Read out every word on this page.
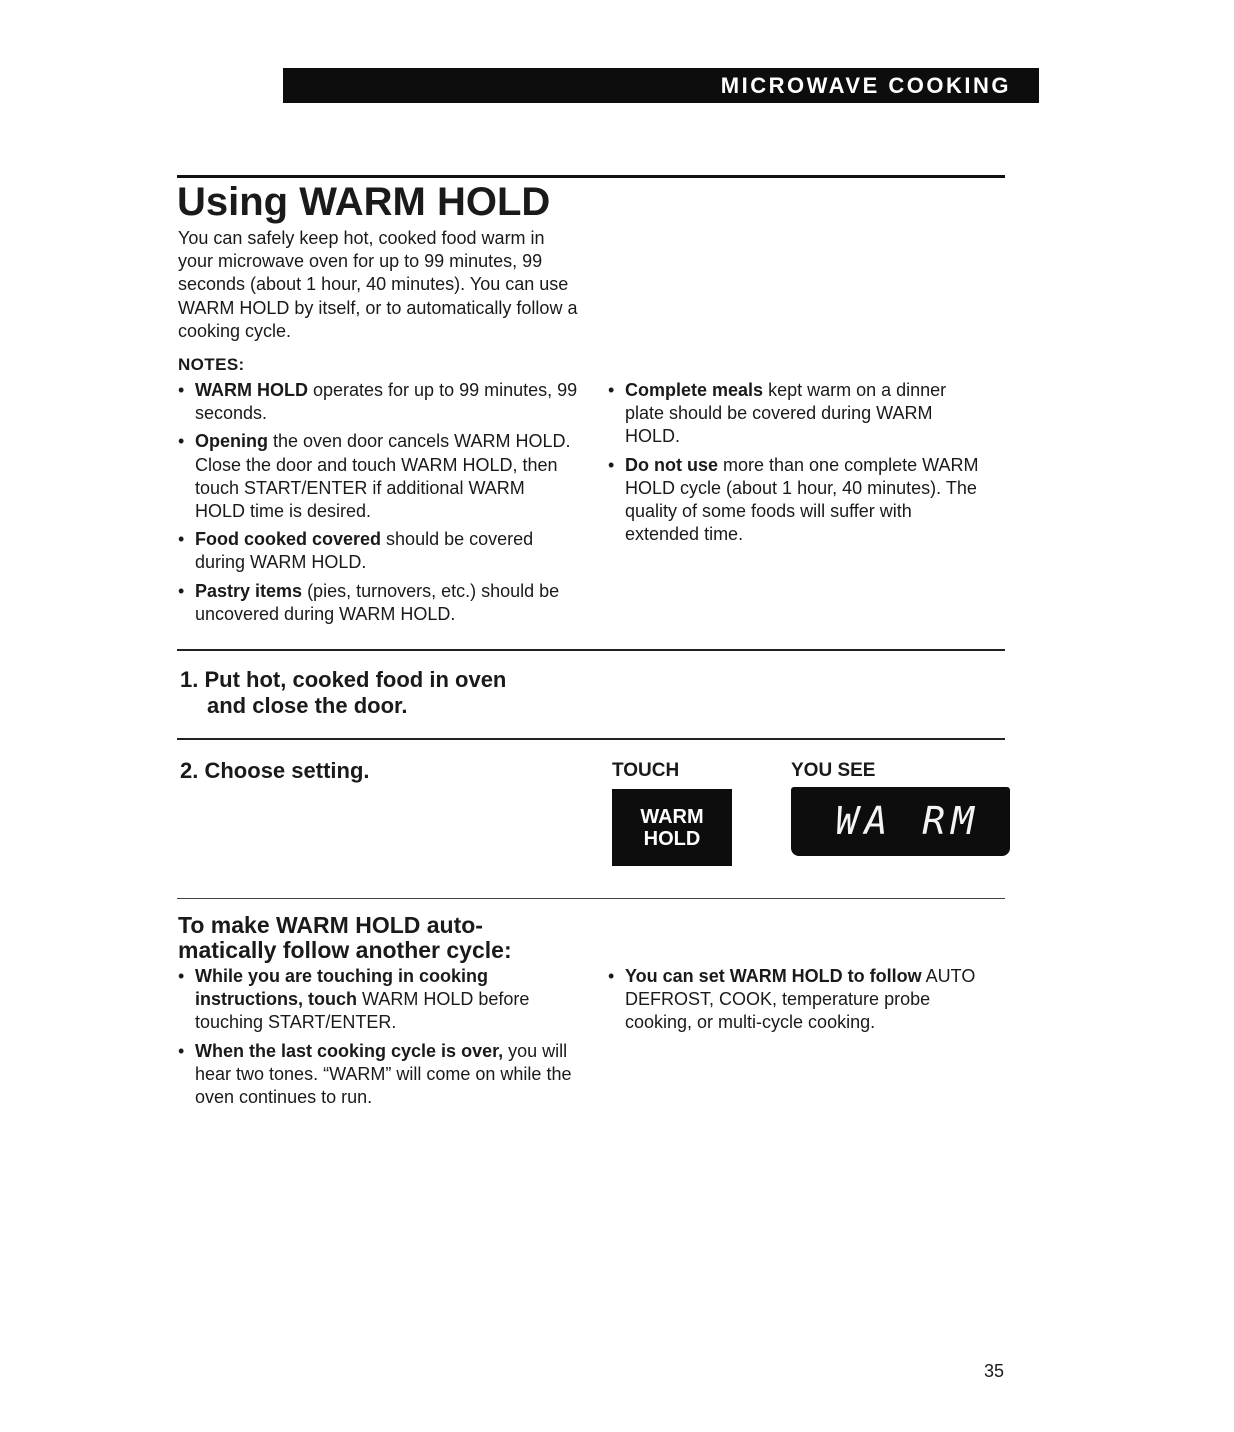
MICROWAVE COOKING
Using WARM HOLD
You can safely keep hot, cooked food warm in your microwave oven for up to 99 minutes, 99 seconds (about 1 hour, 40 minutes). You can use WARM HOLD by itself, or to automatically follow a cooking cycle.
NOTES:
• WARM HOLD operates for up to 99 minutes, 99 seconds.
• Opening the oven door cancels WARM HOLD. Close the door and touch WARM HOLD, then touch START/ENTER if additional WARM HOLD time is desired.
• Food cooked covered should be covered during WARM HOLD.
• Pastry items (pies, turnovers, etc.) should be uncovered during WARM HOLD.
• Complete meals kept warm on a dinner plate should be covered during WARM HOLD.
• Do not use more than one complete WARM HOLD cycle (about 1 hour, 40 minutes). The quality of some foods will suffer with extended time.
1. Put hot, cooked food in oven
and close the door.
2. Choose setting.	TOUCH	YOU SEE
WARM
HOLD	WA RM
To make WARM HOLD auto-
matically follow another cycle:
• While you are touching in cooking instructions, touch WARM HOLD before touching START/ENTER.
• When the last cooking cycle is over, you will hear two tones. “WARM” will come on while the oven continues to run.
• You can set WARM HOLD to follow AUTO DEFROST, COOK, temperature probe cooking, or multi-cycle cooking.
35
